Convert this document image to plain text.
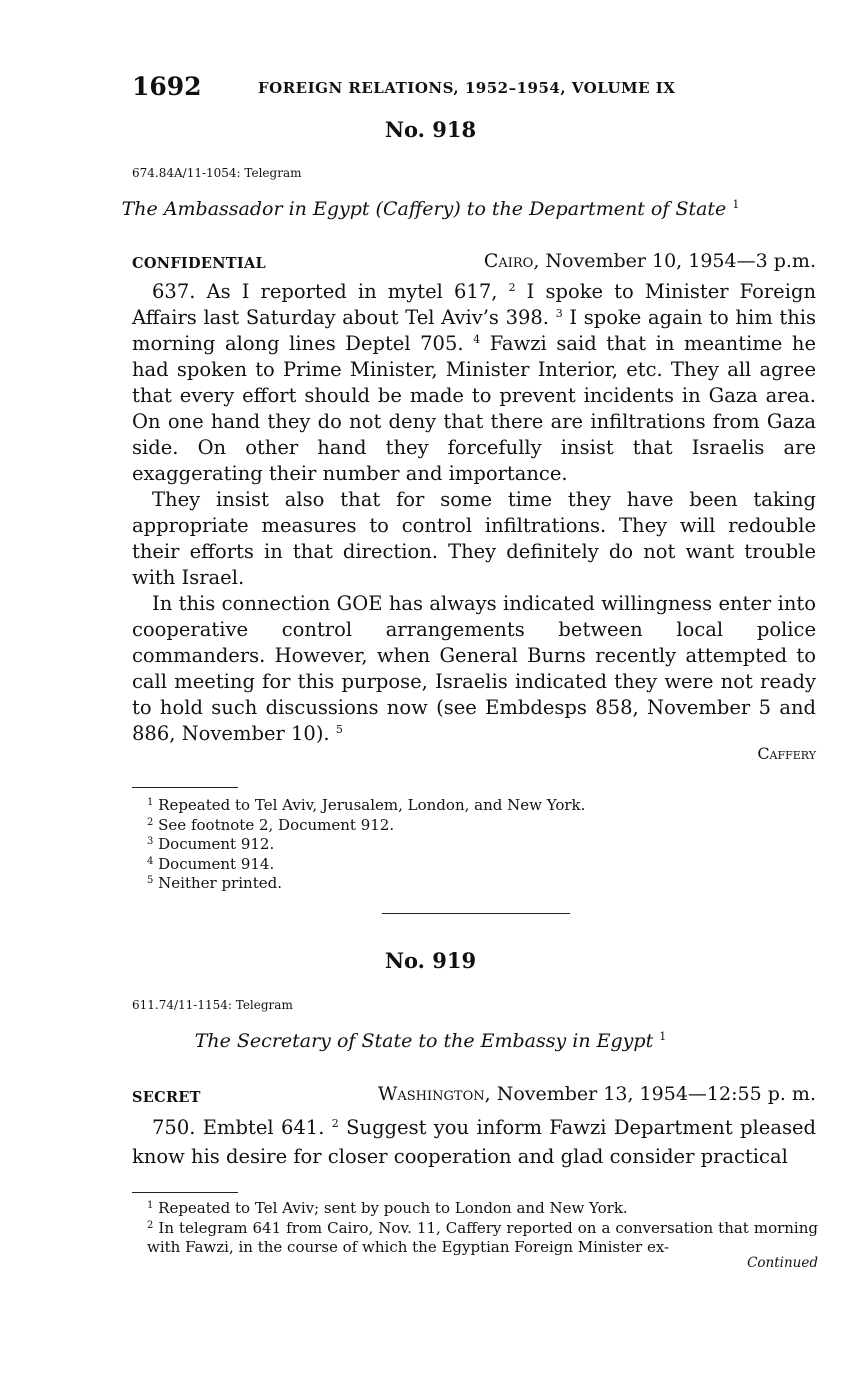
1692	FOREIGN RELATIONS, 1952–1954, VOLUME IX
No. 918
674.84A/11-1054: Telegram
The Ambassador in Egypt (Caffery) to the Department of State $^1$
CONFIDENTIAL	Cairo, November 10, 1954—3 p.m.

637. As I reported in mytel 617, $^2$ I spoke to Minister Foreign Affairs last Saturday about Tel Aviv’s 398. $^3$ I spoke again to him this morning along lines Deptel 705. $^4$ Fawzi said that in meantime he had spoken to Prime Minister, Minister Interior, etc. They all agree that every effort should be made to prevent incidents in Gaza area. On one hand they do not deny that there are infiltrations from Gaza side. On other hand they forcefully insist that Israelis are exaggerating their number and importance.

They insist also that for some time they have been taking appropriate measures to control infiltrations. They will redouble their efforts in that direction. They definitely do not want trouble with Israel.

In this connection GOE has always indicated willingness enter into cooperative control arrangements between local police commanders. However, when General Burns recently attempted to call meeting for this purpose, Israelis indicated they were not ready to hold such discussions now (see Embdesps 858, November 5 and 886, November 10). $^5$

Caffery
$^1$ Repeated to Tel Aviv, Jerusalem, London, and New York.
$^2$ See footnote 2, Document 912.
$^3$ Document 912.
$^4$ Document 914.
$^5$ Neither printed.
No. 919
611.74/11-1154: Telegram
The Secretary of State to the Embassy in Egypt $^1$
SECRET	Washington, November 13, 1954—12:55 p. m.

750. Embtel 641. $^2$ Suggest you inform Fawzi Department pleased know his desire for closer cooperation and glad consider practical

$^1$ Repeated to Tel Aviv; sent by pouch to London and New York.
$^2$ In telegram 641 from Cairo, Nov. 11, Caffery reported on a conversation that morning with Fawzi, in the course of which the Egyptian Foreign Minister ex-
Continued
